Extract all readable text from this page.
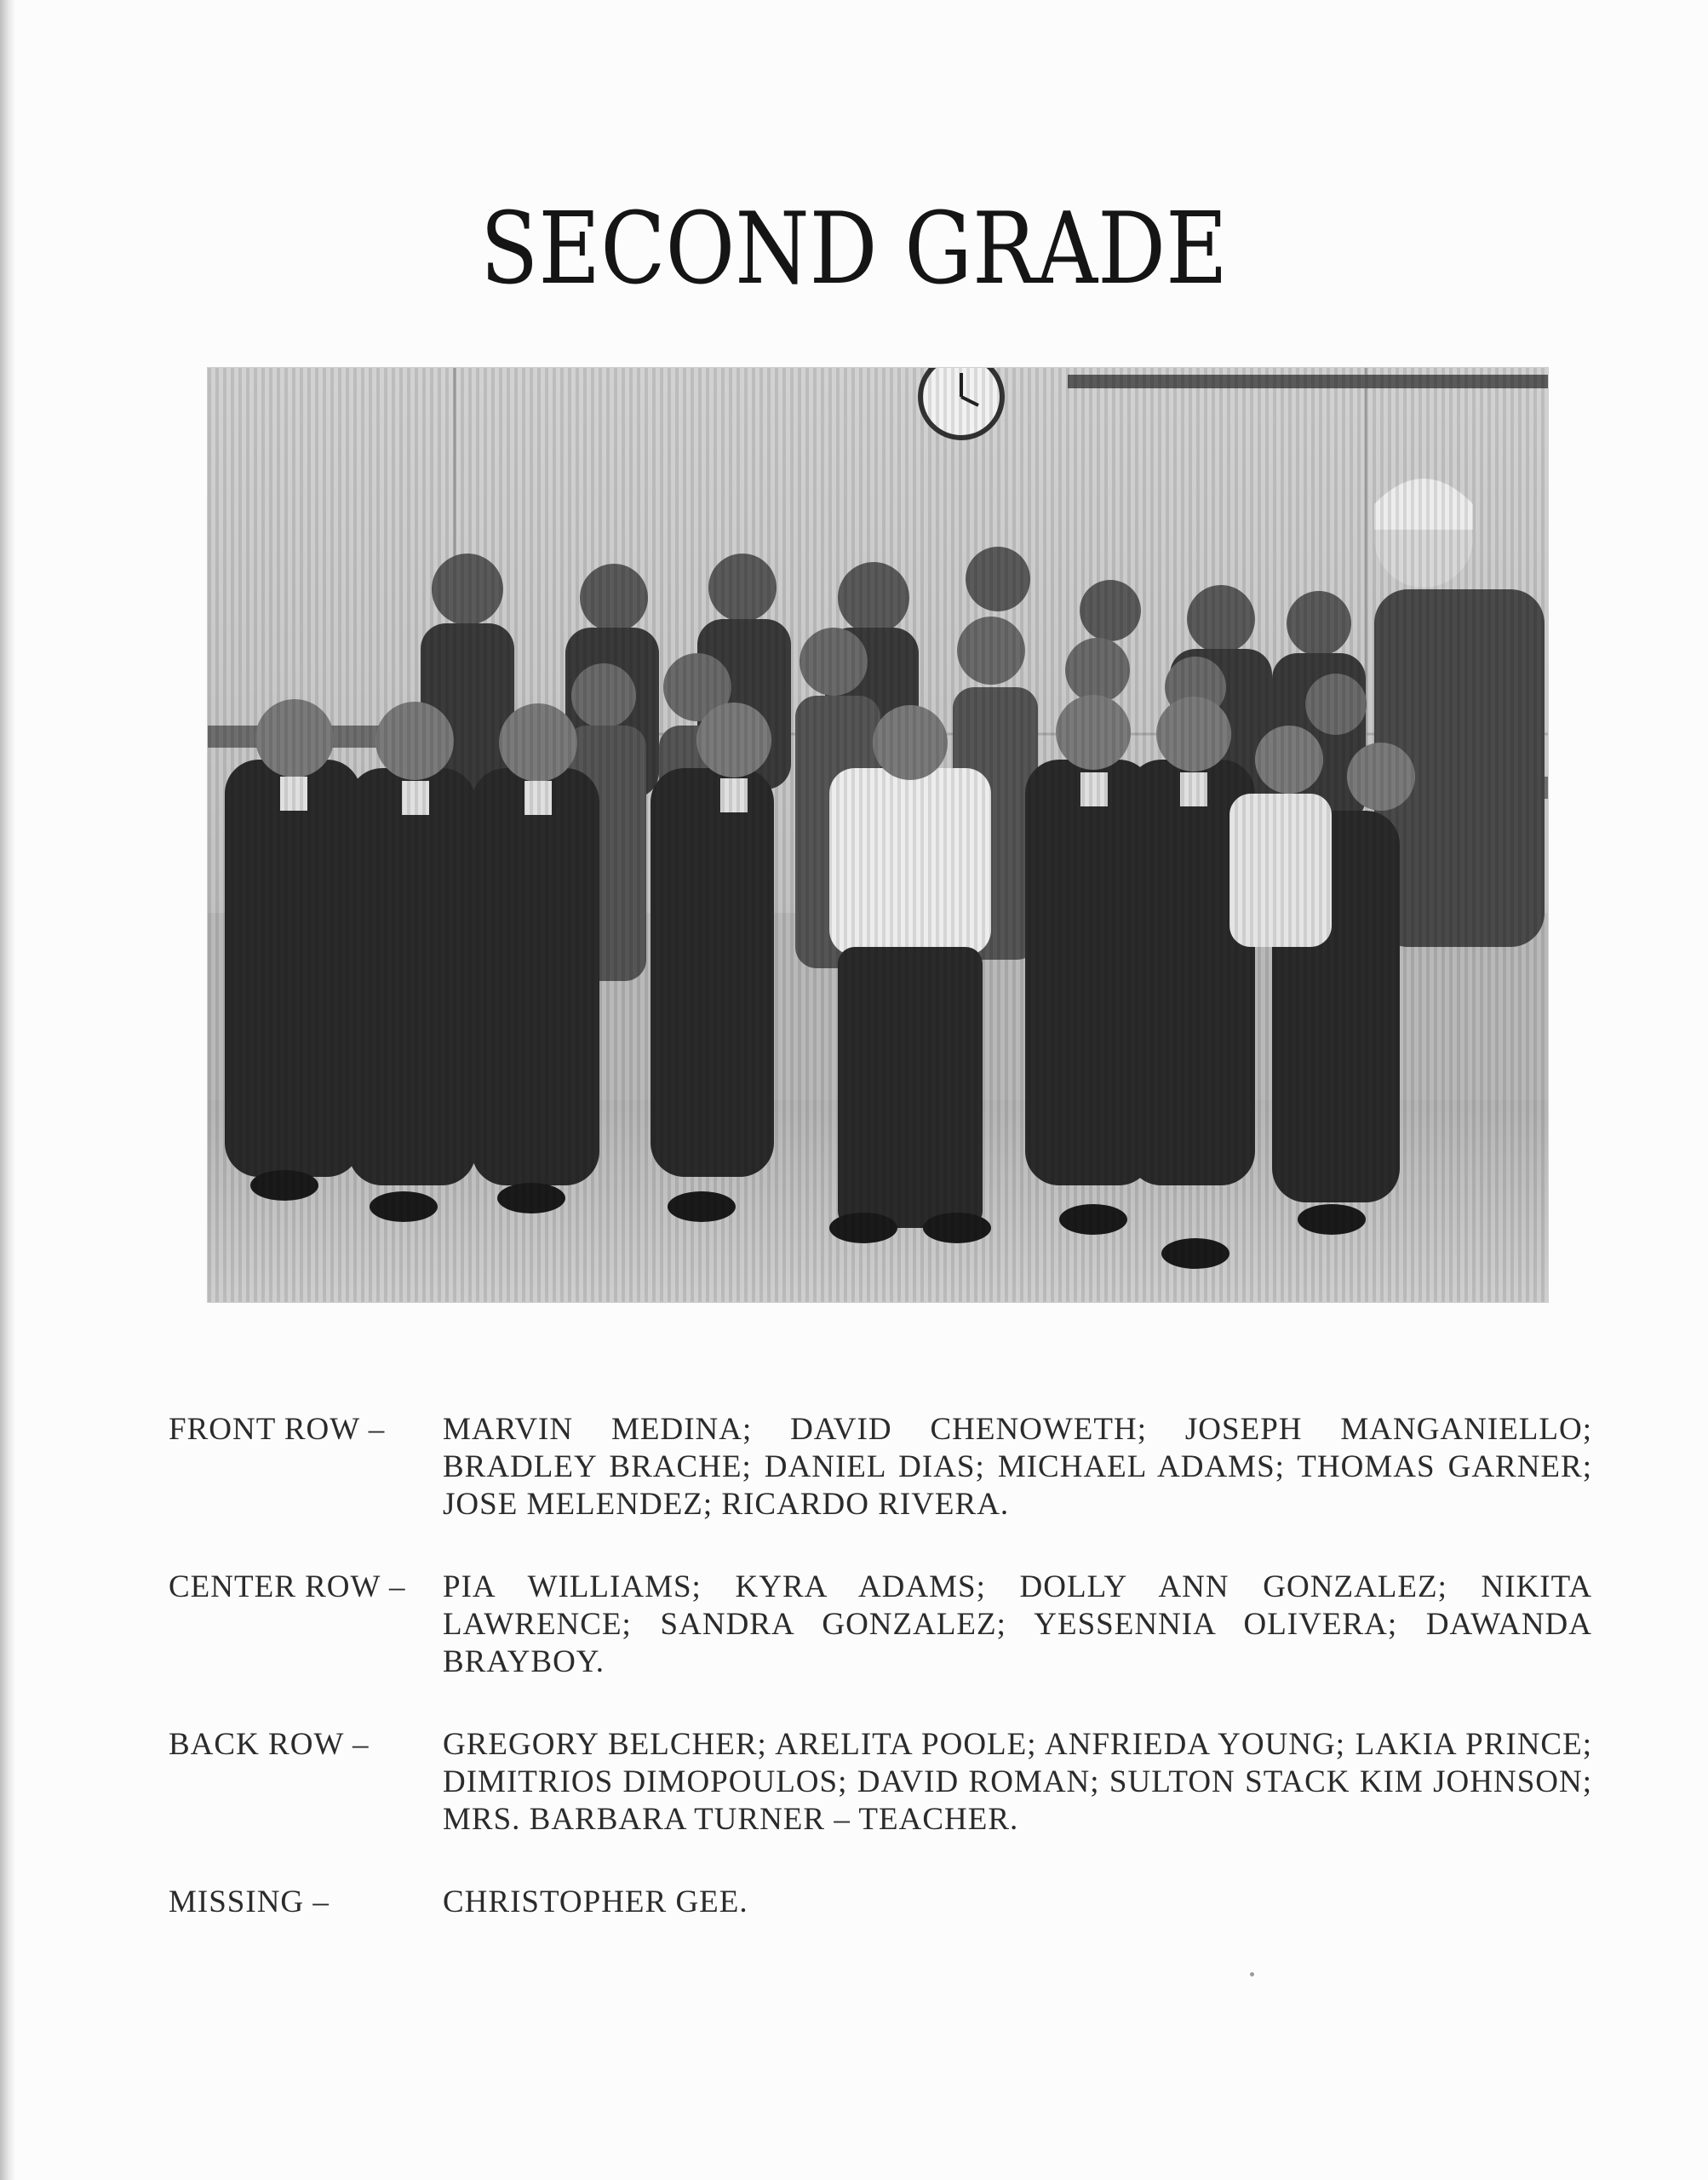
SECOND GRADE
FRONT ROW –	MARVIN MEDINA; DAVID CHENOWETH; JOSEPH MANGANIELLO; BRADLEY BRACHE; DANIEL DIAS; MICHAEL ADAMS; THOMAS GARNER; JOSE MELENDEZ; RICARDO RIVERA.
CENTER ROW –	PIA WILLIAMS; KYRA ADAMS; DOLLY ANN GONZALEZ; NIKITA LAWRENCE; SANDRA GONZALEZ; YESSENNIA OLIVERA; DAWANDA BRAYBOY.
BACK ROW –	GREGORY BELCHER; ARELITA POOLE; ANFRIEDA YOUNG; LAKIA PRINCE; DIMITRIOS DIMOPOULOS; DAVID ROMAN; SULTON STACK KIM JOHNSON; MRS. BARBARA TURNER – TEACHER.
MISSING –	CHRISTOPHER GEE.
